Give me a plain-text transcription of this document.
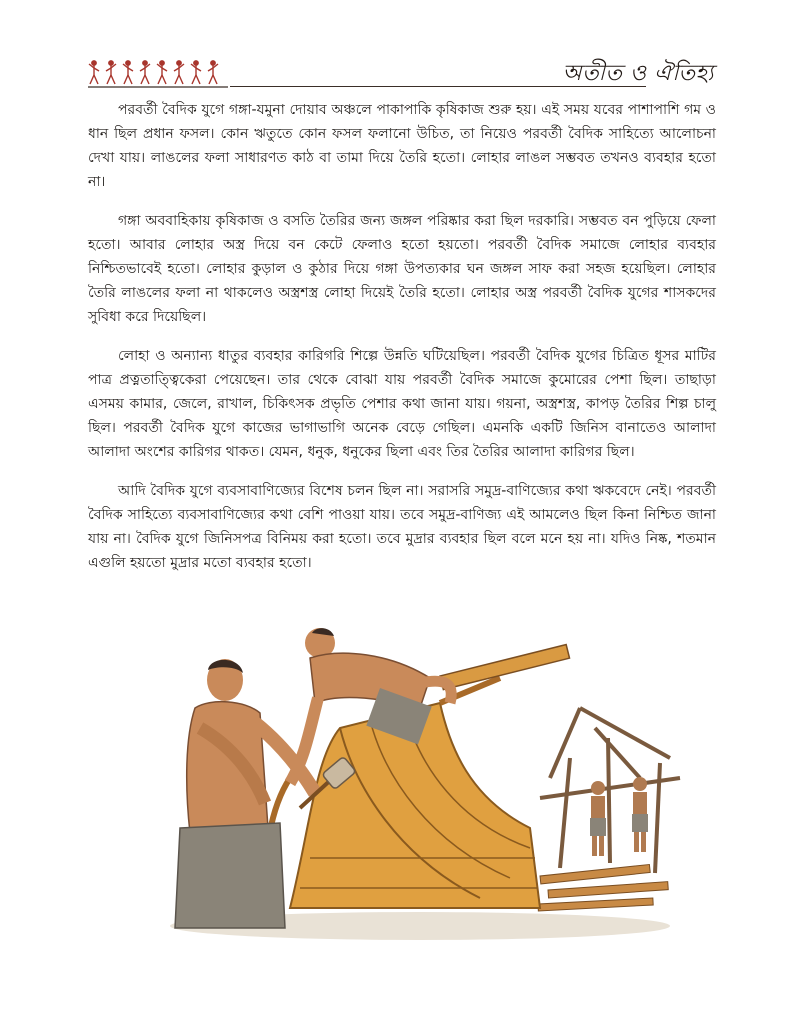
অতীত ও ঐতিহ্য

পরবর্তী বৈদিক যুগে গঙ্গা-যমুনা দোয়াব অঞ্চলে পাকাপাকি কৃষিকাজ শুরু হয়। এই সময় যবের পাশাপাশি গম ও ধান ছিল প্রধান ফসল। কোন ঋতুতে কোন ফসল ফলানো উচিত, তা নিয়েও পরবর্তী বৈদিক সাহিত্যে আলোচনা দেখা যায়। লাঙলের ফলা সাধারণত কাঠ বা তামা দিয়ে তৈরি হতো। লোহার লাঙল সম্ভবত তখনও ব্যবহার হতো না।

গঙ্গা অববাহিকায় কৃষিকাজ ও বসতি তৈরির জন্য জঙ্গল পরিষ্কার করা ছিল দরকারি। সম্ভবত বন পুড়িয়ে ফেলা হতো। আবার লোহার অস্ত্র দিয়ে বন কেটে ফেলাও হতো হয়তো। পরবর্তী বৈদিক সমাজে লোহার ব্যবহার নিশ্চিতভাবেই হতো। লোহার কুড়াল ও কুঠার দিয়ে গঙ্গা উপত্যকার ঘন জঙ্গল সাফ করা সহজ হয়েছিল। লোহার তৈরি লাঙলের ফলা না থাকলেও অস্ত্রশস্ত্র লোহা দিয়েই তৈরি হতো। লোহার অস্ত্র পরবর্তী বৈদিক যুগের শাসকদের সুবিধা করে দিয়েছিল।

লোহা ও অন্যান্য ধাতুর ব্যবহার কারিগরি শিল্পে উন্নতি ঘটিয়েছিল। পরবর্তী বৈদিক যুগের চিত্রিত ধূসর মাটির পাত্র প্রত্নতাত্ত্বিকেরা পেয়েছেন। তার থেকে বোঝা যায় পরবর্তী বৈদিক সমাজে কুমোরের পেশা ছিল। তাছাড়া এসময় কামার, জেলে, রাখাল, চিকিৎসক প্রভৃতি পেশার কথা জানা যায়। গয়না, অস্ত্রশস্ত্র, কাপড় তৈরির শিল্প চালু ছিল। পরবর্তী বৈদিক যুগে কাজের ভাগাভাগি অনেক বেড়ে গেছিল। এমনকি একটি জিনিস বানাতেও আলাদা আলাদা অংশের কারিগর থাকত। যেমন, ধনুক, ধনুকের ছিলা এবং তির তৈরির আলাদা কারিগর ছিল।

আদি বৈদিক যুগে ব্যবসাবাণিজ্যের বিশেষ চলন ছিল না। সরাসরি সমুদ্র-বাণিজ্যের কথা ঋকবেদে নেই। পরবর্তী বৈদিক সাহিত্যে ব্যবসাবাণিজ্যের কথা বেশি পাওয়া যায়। তবে সমুদ্র-বাণিজ্য এই আমলেও ছিল কিনা নিশ্চিত জানা যায় না। বৈদিক যুগে জিনিসপত্র বিনিময় করা হতো। তবে মুদ্রার ব্যবহার ছিল বলে মনে হয় না। যদিও নিষ্ক, শতমান এগুলি হয়তো মুদ্রার মতো ব্যবহার হতো।
